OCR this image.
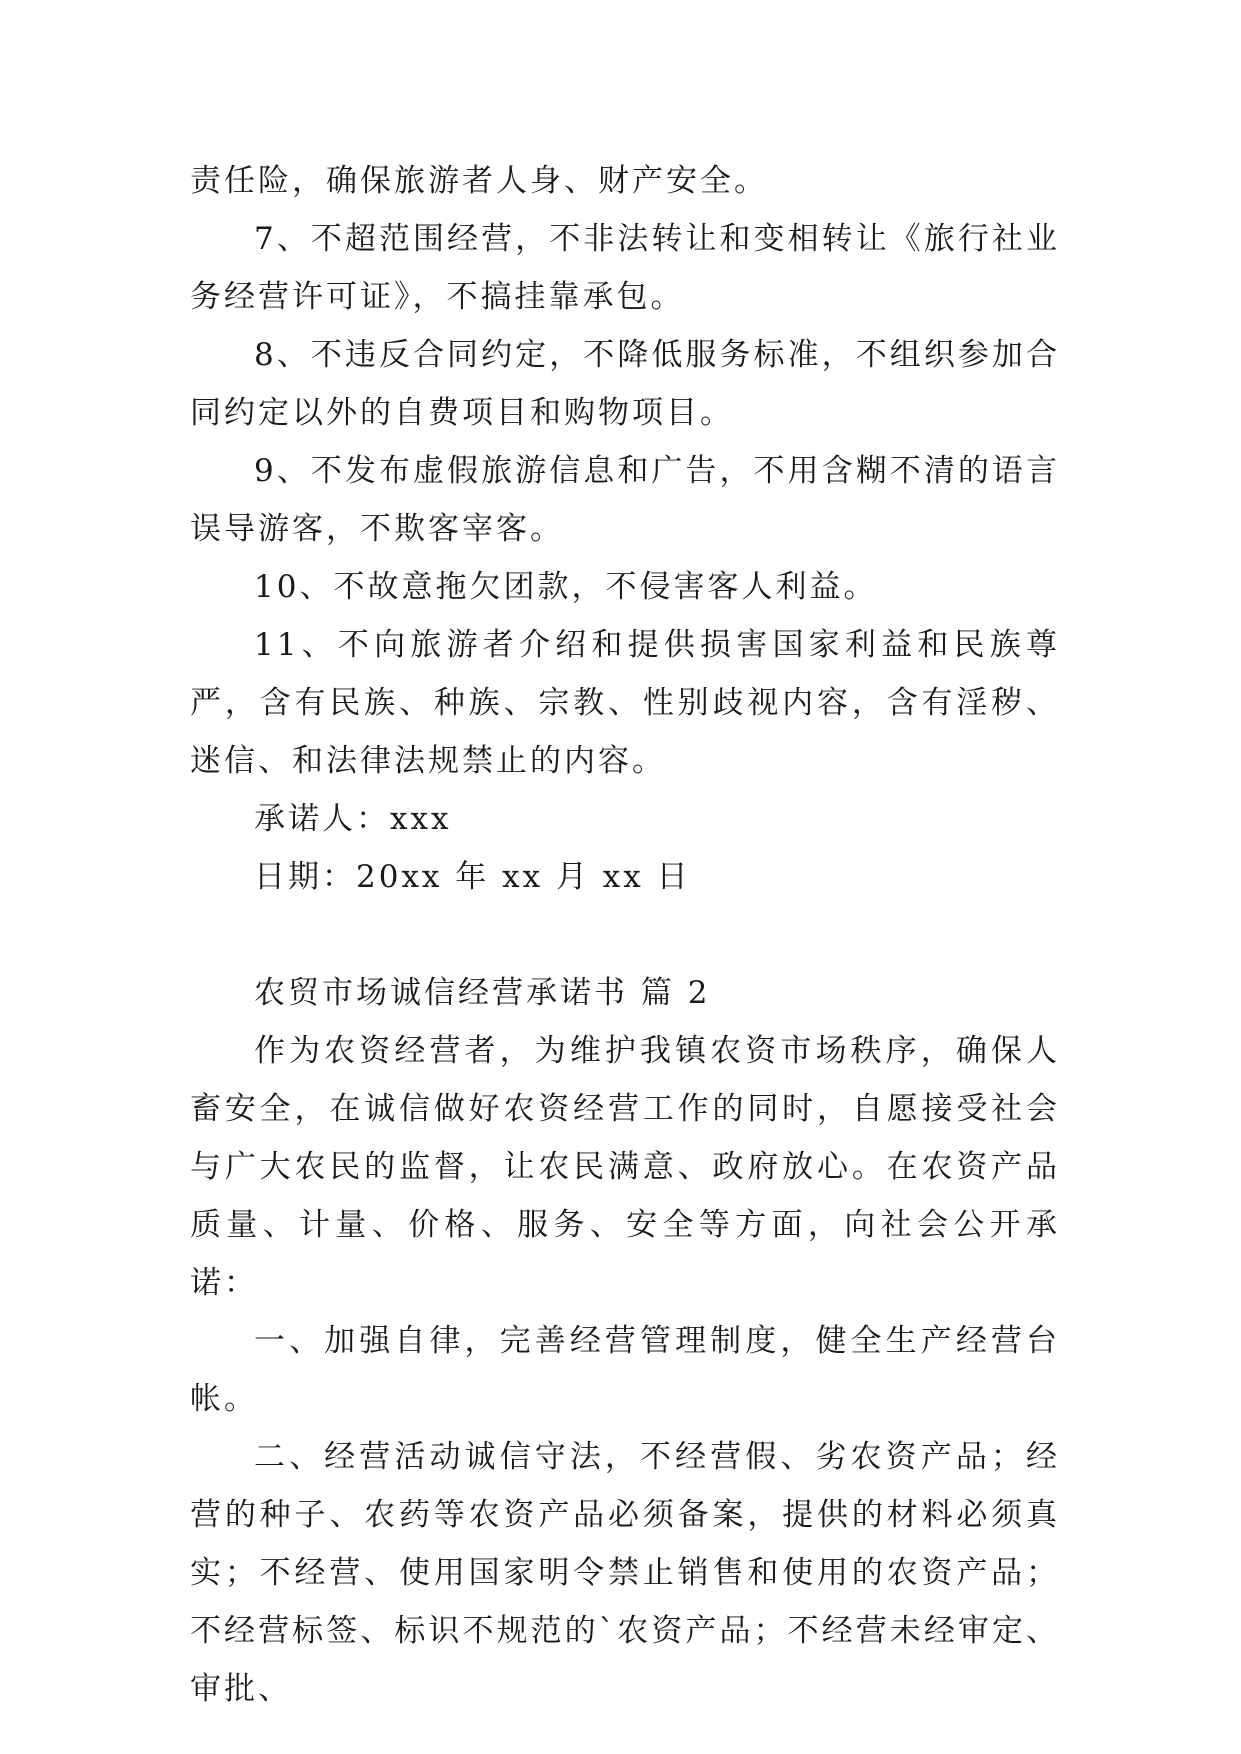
责任险，确保旅游者人身、财产安全。

7、不超范围经营，不非法转让和变相转让《旅行社业务经营许可证》，不搞挂靠承包。

8、不违反合同约定，不降低服务标准，不组织参加合同约定以外的自费项目和购物项目。

9、不发布虚假旅游信息和广告，不用含糊不清的语言误导游客，不欺客宰客。

10、不故意拖欠团款，不侵害客人利益。

11、不向旅游者介绍和提供损害国家利益和民族尊严，含有民族、种族、宗教、性别歧视内容，含有淫秽、迷信、和法律法规禁止的内容。

承诺人：xxx

日期：20xx 年 xx 月 xx 日

农贸市场诚信经营承诺书 篇 2

作为农资经营者，为维护我镇农资市场秩序，确保人畜安全，在诚信做好农资经营工作的同时，自愿接受社会与广大农民的监督，让农民满意、政府放心。在农资产品质量、计量、价格、服务、安全等方面，向社会公开承诺：

一、加强自律，完善经营管理制度，健全生产经营台帐。

二、经营活动诚信守法，不经营假、劣农资产品；经营的种子、农药等农资产品必须备案，提供的材料必须真实；不经营、使用国家明令禁止销售和使用的农资产品；不经营标签、标识不规范的`农资产品；不经营未经审定、审批、
